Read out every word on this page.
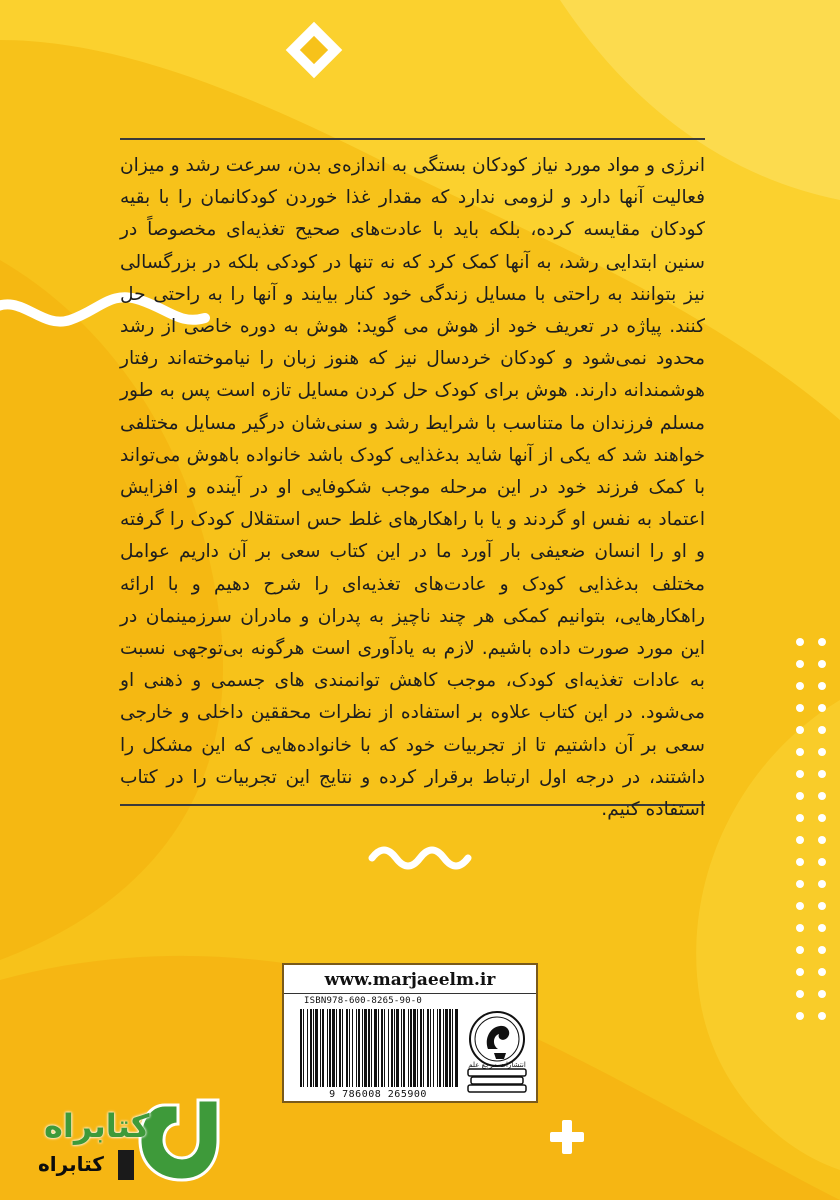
انرژی و مواد مورد نیاز کودکان بستگی به اندازه‌ی بدن، سرعت رشد و میزان فعالیت آنها دارد و لزومی ندارد که مقدار غذا خوردن کودکانمان را با بقیه کودکان مقایسه کرده، بلکه باید با عادت‌های صحیح تغذیه‌ای مخصوصاً در سنین ابتدایی رشد، به آنها کمک کرد که نه تنها در کودکی بلکه در بزرگسالی نیز بتوانند به راحتی با مسایل زندگی خود کنار بیایند و آنها را به راحتی حل کنند. پیاژه در تعریف خود از هوش می گوید: هوش به دوره خاصی از رشد محدود نمی‌شود و کودکان خردسال نیز که هنوز زبان را نیاموخته‌اند رفتار هوشمندانه دارند. هوش برای کودک حل کردن مسایل تازه است پس به طور مسلم فرزندان ما متناسب با شرایط رشد و سنی‌شان درگیر مسایل مختلفی خواهند شد که یکی از آنها شاید بدغذایی کودک باشد خانواده باهوش می‌تواند با کمک فرزند خود در این مرحله موجب شکوفایی او در آینده و افزایش اعتماد به نفس او گردند و یا با راهکارهای غلط حس استقلال کودک را گرفته و او را انسان ضعیفی بار آورد ما در این کتاب سعی بر آن داریم عوامل مختلف بدغذایی کودک و عادت‌های تغذیه‌ای را شرح دهیم و با ارائه راهکارهایی، بتوانیم کمکی هر چند ناچیز به پدران و مادران سرزمینمان در این مورد صورت داده باشیم. لازم به یادآوری است هرگونه بی‌توجهی نسبت به عادات تغذیه‌ای کودک، موجب کاهش توانمندی های جسمی و ذهنی او می‌شود. در این کتاب علاوه بر استفاده از نظرات محققین داخلی و خارجی سعی بر آن داشتیم تا از تجربیات خود که با خانواده‌هایی که این مشکل را داشتند، در درجه اول ارتباط برقرار کرده و نتایج این تجربیات را در کتاب استفاده کنیم.

www.marjaeelm.ir
ISBN978-600-8265-90-0
9 786008 265900
انتشارات مرجع علم
کتابراه
کتابراه
